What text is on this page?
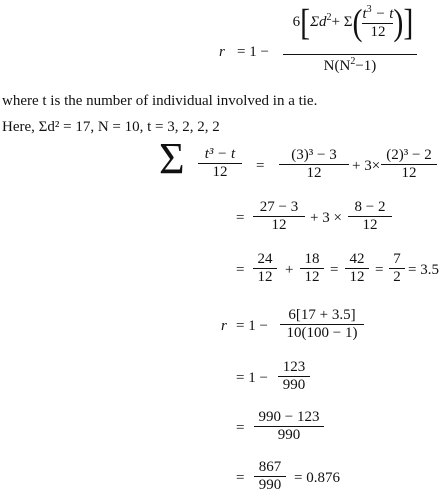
r = 1 −
$6[\Sigma d^2+ \Sigma( \frac{t^3 - t}{12}$ )]
$N(N^2-1)$
where t is the number of individual involved in a tie.
Here, Σd² = 17, N = 10, t = 3, 2, 2, 2
Σ	t³ − t
12	=
(3)³ − 3
12	+ 3×
(2)³ − 2
12
=
27 − 3
12	+ 3 ×
8 − 2
12
=
24
12 +
18
12 =
42
12 =
7
2 = 3.5
r = 1 −
6[17 + 3.5]
10(100 − 1)
= 1 −
123
990
=
990 − 123
990
=
867
990 = 0.876
